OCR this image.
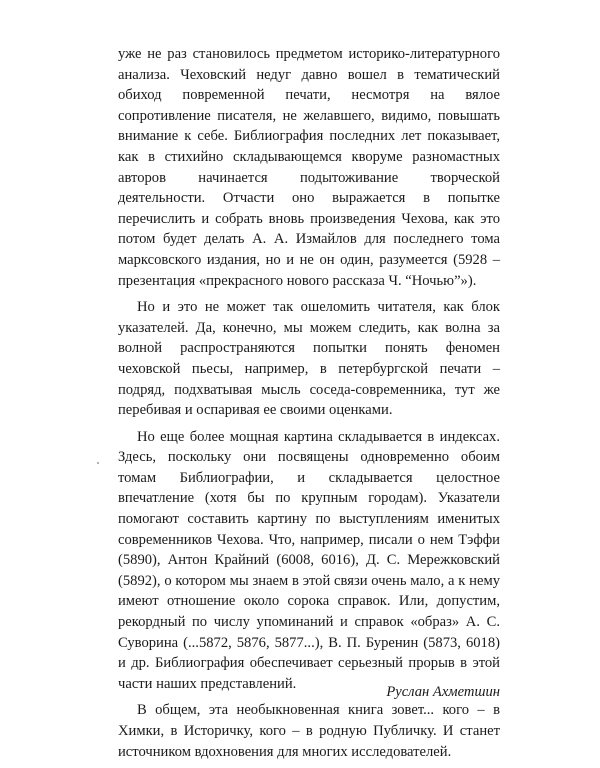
уже не раз становилось предметом историко-литературного анализа. Чеховский недуг давно вошел в тематический обиход повременной печати, несмотря на вялое сопротивление писателя, не желавшего, видимо, повышать внимание к себе. Библиография последних лет показывает, как в стихийно складывающемся кворуме разномастных авторов начинается подытоживание творческой деятельности. Отчасти оно выражается в попытке перечислить и собрать вновь произведения Чехова, как это потом будет делать А. А. Измайлов для последнего тома марксовского издания, но и не он один, разумеется (5928 – презентация «прекрасного нового рассказа Ч. “Ночью”»).

Но и это не может так ошеломить читателя, как блок указателей. Да, конечно, мы можем следить, как волна за волной распространяются попытки понять феномен чеховской пьесы, например, в петербургской печати – подряд, подхватывая мысль соседа-современника, тут же перебивая и оспаривая ее своими оценками.

Но еще более мощная картина складывается в индексах. Здесь, поскольку они посвящены одновременно обоим томам Библиографии, и складывается целостное впечатление (хотя бы по крупным городам). Указатели помогают составить картину по выступлениям именитых современников Чехова. Что, например, писали о нем Тэффи (5890), Антон Крайний (6008, 6016), Д. С. Мережковский (5892), о котором мы знаем в этой связи очень мало, а к нему имеют отношение около сорока справок. Или, допустим, рекордный по числу упоминаний и справок «образ» А. С. Суворина (...5872, 5876, 5877...), В. П. Буренин (5873, 6018) и др. Библиография обеспечивает серьезный прорыв в этой части наших представлений.

В общем, эта необыкновенная книга зовет... кого – в Химки, в Историчку, кого – в родную Публичку. И станет источником вдохновения для многих исследователей.

Руслан Ахметшин
